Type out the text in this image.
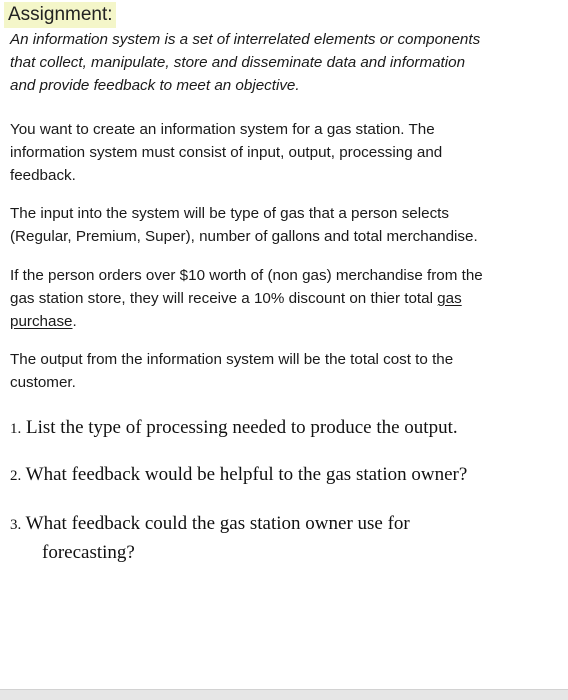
Assignment:

An information system is a set of interrelated elements or components
that collect, manipulate, store and disseminate data and information
and provide feedback to meet an objective.

You want to create an information system for a gas station. The
information system must consist of input, output, processing and
feedback.

The input into the system will be type of gas that a person selects
(Regular, Premium, Super), number of gallons and total merchandise.

If the person orders over $10 worth of (non gas) merchandise from the
gas station store, they will receive a 10% discount on thier total gas
purchase.

The output from the information system will be the total cost to the
customer.

1. List the type of processing needed to produce the output.
2. What feedback would be helpful to the gas station owner?
3. What feedback could the gas station owner use for
forecasting?
